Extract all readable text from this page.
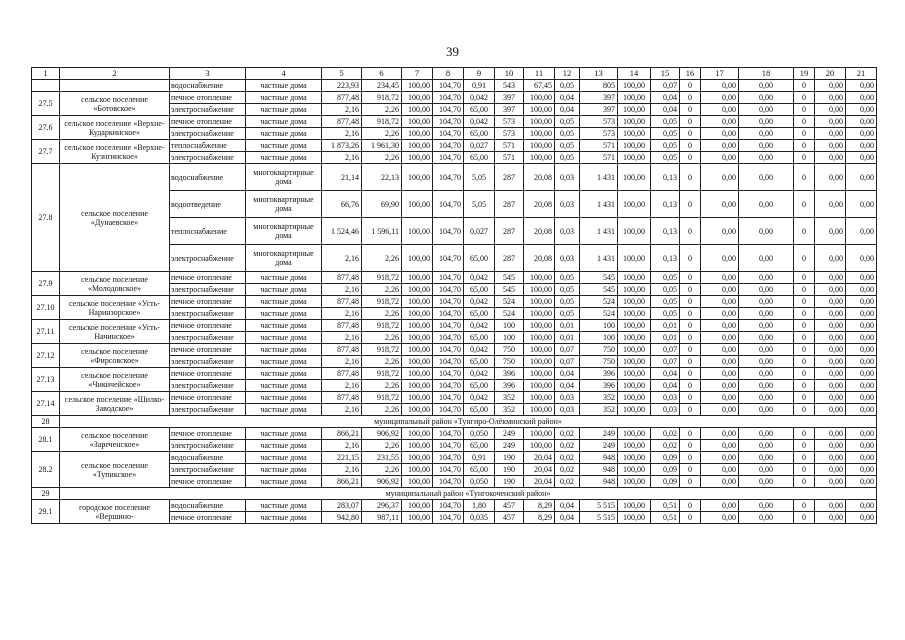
39
1	2	3	4	5	6	7	8	9	10	11	12	13	14	15	16	17	18	19	20	21
		водоснабжение	частные дома	223,93	234,45	100,00	104,70	0,91	543	67,45	0,05	805	100,00	0,07	0	0,00	0,00	0	0,00	0,00
27.5	сельское поселение «Ботовское»	печное отопление	частные дома	877,48	918,72	100,00	104,70	0,042	397	100,00	0,04	397	100,00	0,04	0	0,00	0,00	0	0,00	0,00
		электроснабжение	частные дома	2,16	2,26	100,00	104,70	65,00	397	100,00	0,04	397	100,00	0,04	0	0,00	0,00	0	0,00	0,00
27.6	сельское поселение «Верхне-Кударкинское»	печное отопление	частные дома	877,48	918,72	100,00	104,70	0,042	573	100,00	0,05	573	100,00	0,05	0	0,00	0,00	0	0,00	0,00
		электроснабжение	частные дома	2,16	2,26	100,00	104,70	65,00	573	100,00	0,05	573	100,00	0,05	0	0,00	0,00	0	0,00	0,00
27.7	сельское поселение «Верхне-Кузнгинское»	теплоснабжение	частные дома	1 873,26	1 961,30	100,00	104,70	0,027	571	100,00	0,05	571	100,00	0,05	0	0,00	0,00	0	0,00	0,00
		электроснабжение	частные дома	2,16	2,26	100,00	104,70	65,00	571	100,00	0,05	571	100,00	0,05	0	0,00	0,00	0	0,00	0,00
27.8	сельское поселение «Дунаевское»	водоснабжение	многоквартирные дома	21,14	22,13	100,00	104,70	5,05	287	20,08	0,03	1 431	100,00	0,13	0	0,00	0,00	0	0,00	0,00
		водоотведение	многоквартирные дома	66,76	69,90	100,00	104,70	5,05	287	20,08	0,03	1 431	100,00	0,13	0	0,00	0,00	0	0,00	0,00
		теплоснабжение	многоквартирные дома	1 524,46	1 596,11	100,00	104,70	0,027	287	20,08	0,03	1 431	100,00	0,13	0	0,00	0,00	0	0,00	0,00
		электроснабжение	многоквартирные дома	2,16	2,26	100,00	104,70	65,00	287	20,08	0,03	1 431	100,00	0,13	0	0,00	0,00	0	0,00	0,00
27.9	сельское поселение «Молодовское»	печное отопление	частные дома	877,48	918,72	100,00	104,70	0,042	545	100,00	0,05	545	100,00	0,05	0	0,00	0,00	0	0,00	0,00
		электроснабжение	частные дома	2,16	2,26	100,00	104,70	65,00	545	100,00	0,05	545	100,00	0,05	0	0,00	0,00	0	0,00	0,00
27.10	сельское поселение «Усть-Наринзорское»	печное отопление	частные дома	877,48	918,72	100,00	104,70	0,042	524	100,00	0,05	524	100,00	0,05	0	0,00	0,00	0	0,00	0,00
		электроснабжение	частные дома	2,16	2,26	100,00	104,70	65,00	524	100,00	0,05	524	100,00	0,05	0	0,00	0,00	0	0,00	0,00
27.11	сельское поселение «Усть-Начинское»	печное отопление	частные дома	877,48	918,72	100,00	104,70	0,042	100	100,00	0,01	100	100,00	0,01	0	0,00	0,00	0	0,00	0,00
		электроснабжение	частные дома	2,16	2,26	100,00	104,70	65,00	100	100,00	0,01	100	100,00	0,01	0	0,00	0,00	0	0,00	0,00
27.12	сельское поселение «Фирсовское»	печное отопление	частные дома	877,48	918,72	100,00	104,70	0,042	750	100,00	0,07	750	100,00	0,07	0	0,00	0,00	0	0,00	0,00
		электроснабжение	частные дома	2,16	2,26	100,00	104,70	65,00	750	100,00	0,07	750	100,00	0,07	0	0,00	0,00	0	0,00	0,00
27.13	сельское поселение «Чикичейское»	печное отопление	частные дома	877,48	918,72	100,00	104,70	0,042	396	100,00	0,04	396	100,00	0,04	0	0,00	0,00	0	0,00	0,00
		электроснабжение	частные дома	2,16	2,26	100,00	104,70	65,00	396	100,00	0,04	396	100,00	0,04	0	0,00	0,00	0	0,00	0,00
27.14	сельское поселение «Шилко-Заводское»	печное отопление	частные дома	877,48	918,72	100,00	104,70	0,042	352	100,00	0,03	352	100,00	0,03	0	0,00	0,00	0	0,00	0,00
		электроснабжение	частные дома	2,16	2,26	100,00	104,70	65,00	352	100,00	0,03	352	100,00	0,03	0	0,00	0,00	0	0,00	0,00
28	муниципальный район «Тунгиро-Олёкминский район»																			
28.1	сельское поселение «Зареченское»	печное отопление	частные дома	866,21	906,92	100,00	104,70	0,050	249	100,00	0,02	249	100,00	0,02	0	0,00	0,00	0	0,00	0,00
		электроснабжение	частные дома	2,16	2,26	100,00	104,70	65,00	249	100,00	0,02	249	100,00	0,02	0	0,00	0,00	0	0,00	0,00
28.2	сельское поселение «Тупикское»	водоснабжение	частные дома	221,15	231,55	100,00	104,70	0,91	190	20,04	0,02	948	100,00	0,09	0	0,00	0,00	0	0,00	0,00
		электроснабжение	частные дома	2,16	2,26	100,00	104,70	65,00	190	20,04	0,02	948	100,00	0,09	0	0,00	0,00	0	0,00	0,00
		печное отопление	частные дома	866,21	906,92	100,00	104,70	0,050	190	20,04	0,02	948	100,00	0,09	0	0,00	0,00	0	0,00	0,00
29	муниципальный район «Тунгокоченский район»																			
29.1	городское поселение «Вершино-	водоснабжение	частные дома	283,07	296,37	100,00	104,70	1,80	457	8,29	0,04	5 515	100,00	0,51	0	0,00	0,00	0	0,00	0,00
		печное отопление	частные дома	942,80	987,11	100,00	104,70	0,035	457	8,29	0,04	5 515	100,00	0,51	0	0,00	0,00	0	0,00	0,00
